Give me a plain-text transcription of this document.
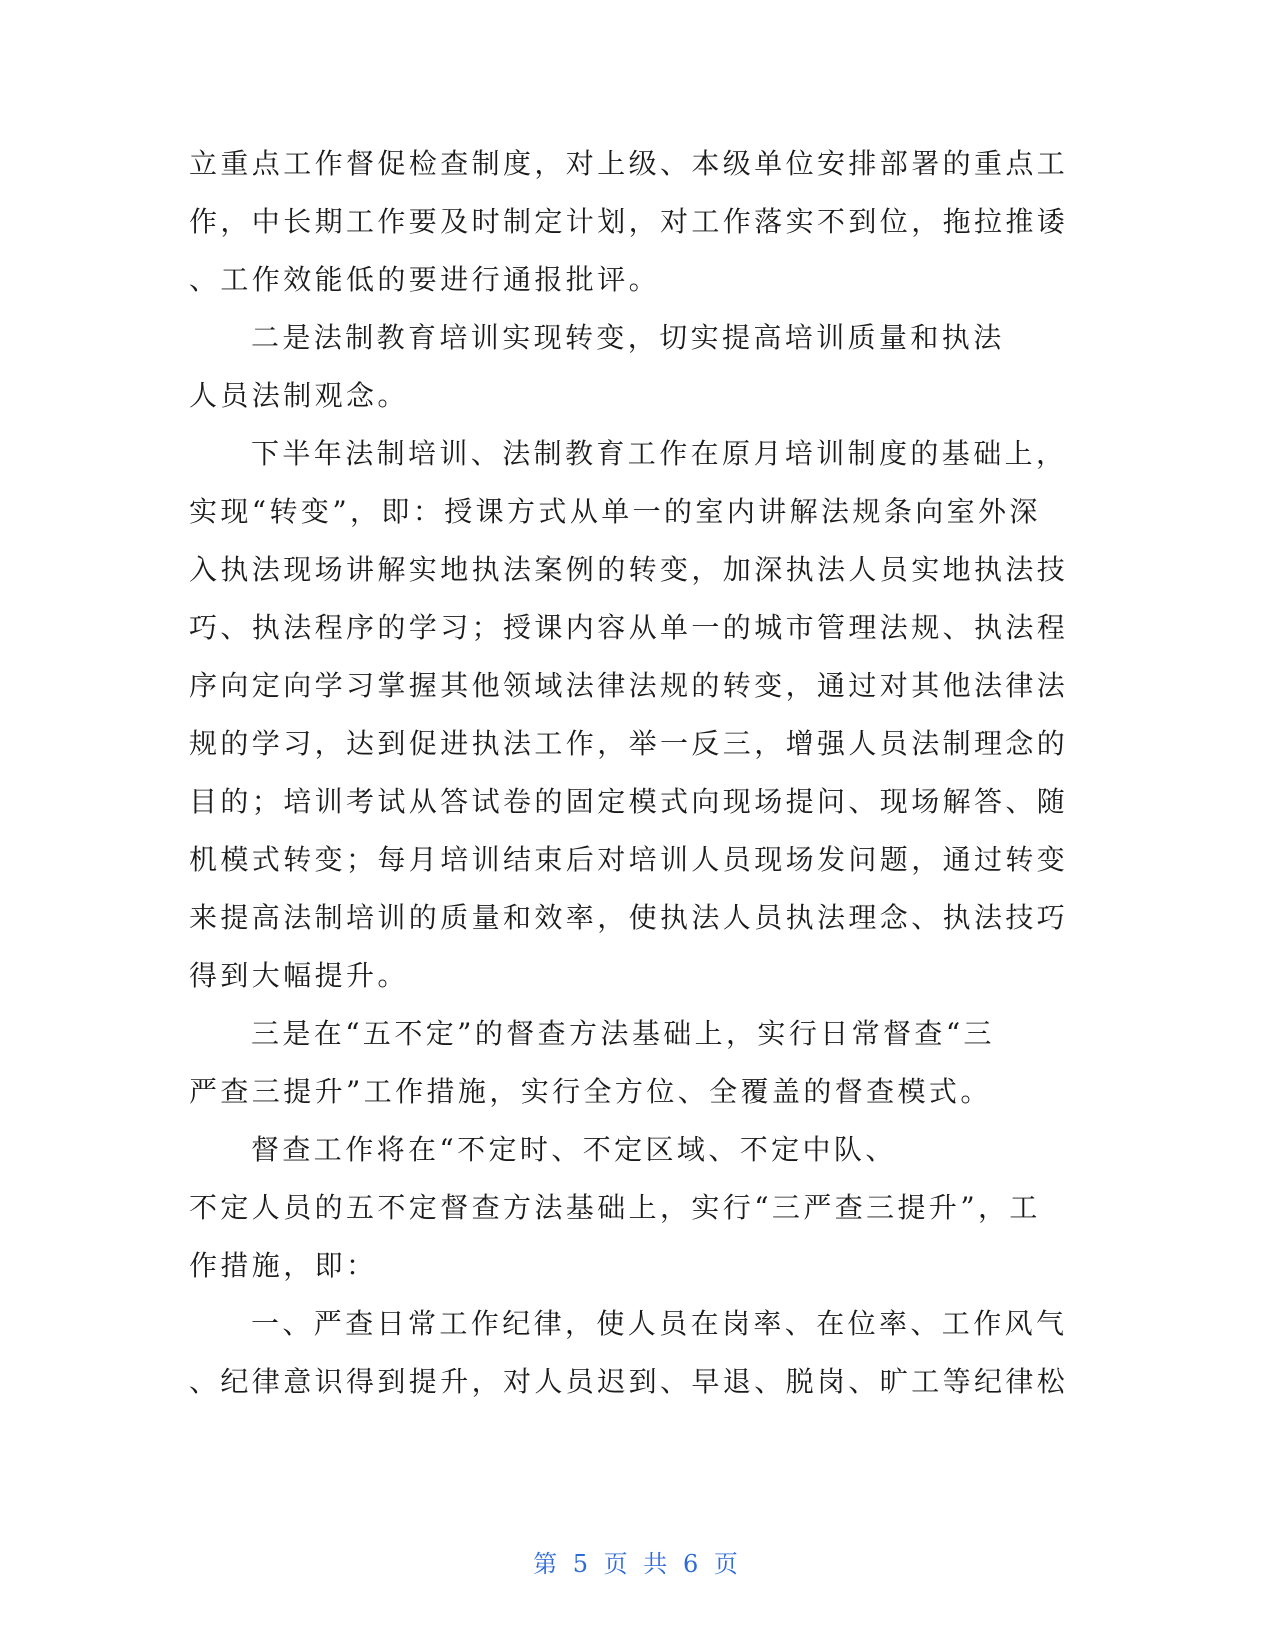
立重点工作督促检查制度，对上级、本级单位安排部署的重点工
作，中长期工作要及时制定计划，对工作落实不到位，拖拉推诿
、工作效能低的要进行通报批评。
二是法制教育培训实现转变，切实提高培训质量和执法
人员法制观念。
下半年法制培训、法制教育工作在原月培训制度的基础上，
实现“转变”，即：授课方式从单一的室内讲解法规条向室外深
入执法现场讲解实地执法案例的转变，加深执法人员实地执法技
巧、执法程序的学习；授课内容从单一的城市管理法规、执法程
序向定向学习掌握其他领域法律法规的转变，通过对其他法律法
规的学习，达到促进执法工作，举一反三，增强人员法制理念的
目的；培训考试从答试卷的固定模式向现场提问、现场解答、随
机模式转变；每月培训结束后对培训人员现场发问题，通过转变
来提高法制培训的质量和效率，使执法人员执法理念、执法技巧
得到大幅提升。
三是在“五不定”的督查方法基础上，实行日常督查“三
严查三提升”工作措施，实行全方位、全覆盖的督查模式。
督查工作将在“不定时、不定区域、不定中队、
不定人员的五不定督查方法基础上，实行“三严查三提升”，工
作措施，即：
一、严查日常工作纪律，使人员在岗率、在位率、工作风气
、纪律意识得到提升，对人员迟到、早退、脱岗、旷工等纪律松
第 5 页 共 6 页
